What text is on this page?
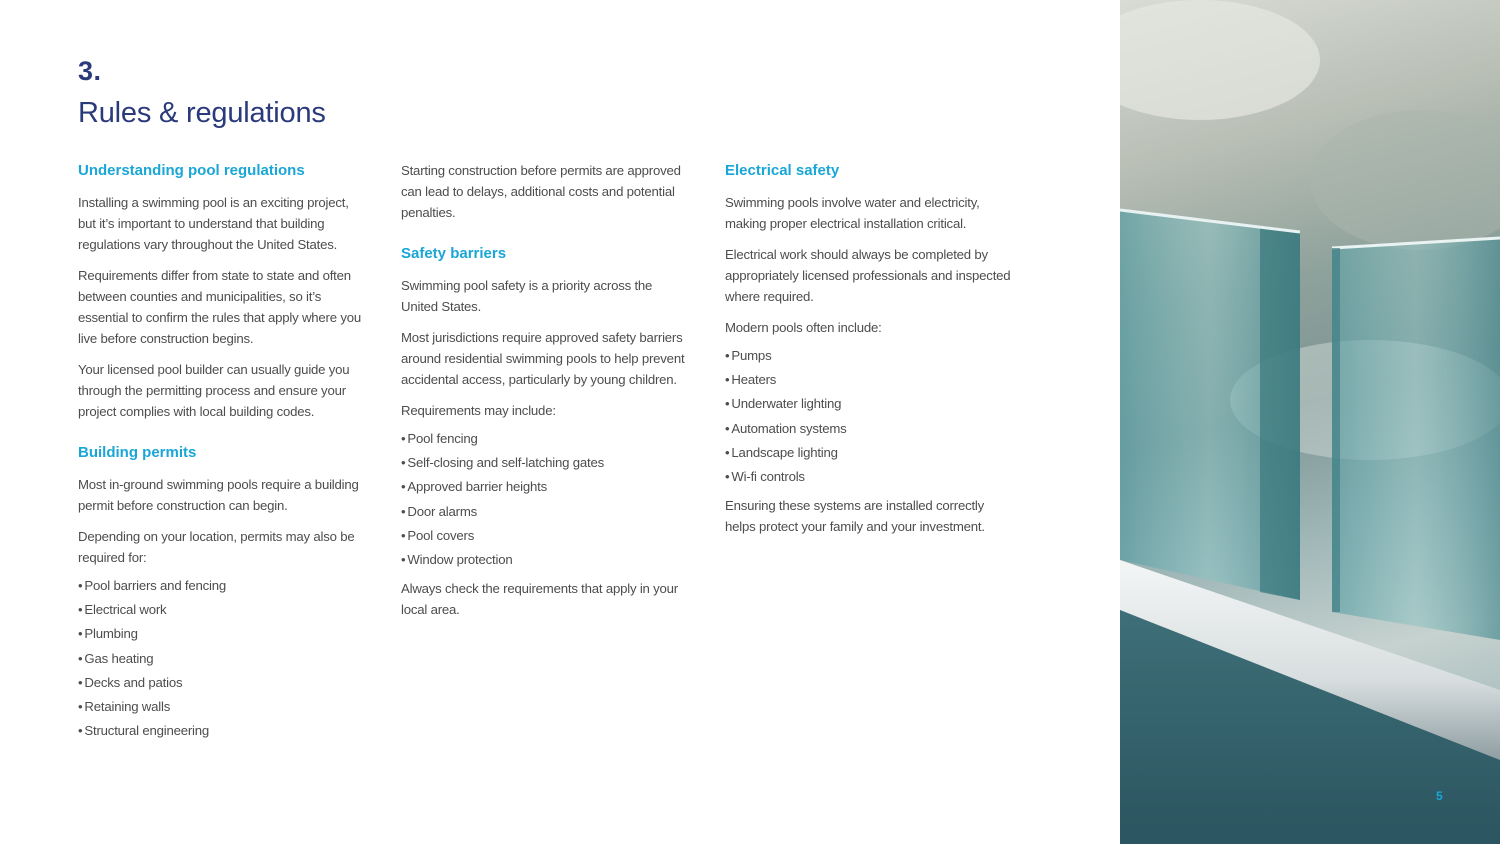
3.
Rules & regulations
Understanding pool regulations

Installing a swimming pool is an exciting project, but it’s important to understand that building regulations vary throughout the United States.

Requirements differ from state to state and often between counties and municipalities, so it’s essential to confirm the rules that apply where you live before construction begins.

Your licensed pool builder can usually guide you through the permitting process and ensure your project complies with local building codes.

Building permits

Most in-ground swimming pools require a building permit before construction can begin.

Depending on your location, permits may also be required for:

• Pool barriers and fencing
• Electrical work
• Plumbing
• Gas heating
• Decks and patios
• Retaining walls
• Structural engineering

Starting construction before permits are approved can lead to delays, additional costs and potential penalties.

Safety barriers

Swimming pool safety is a priority across the United States.

Most jurisdictions require approved safety barriers around residential swimming pools to help prevent accidental access, particularly by young children.

Requirements may include:

• Pool fencing
• Self-closing and self-latching gates
• Approved barrier heights
• Door alarms
• Pool covers
• Window protection

Always check the requirements that apply in your local area.

Electrical safety

Swimming pools involve water and electricity, making proper electrical installation critical.

Electrical work should always be completed by appropriately licensed professionals and inspected where required.

Modern pools often include:

• Pumps
• Heaters
• Underwater lighting
• Automation systems
• Landscape lighting
• Wi-fi controls

Ensuring these systems are installed correctly helps protect your family and your investment.

5
